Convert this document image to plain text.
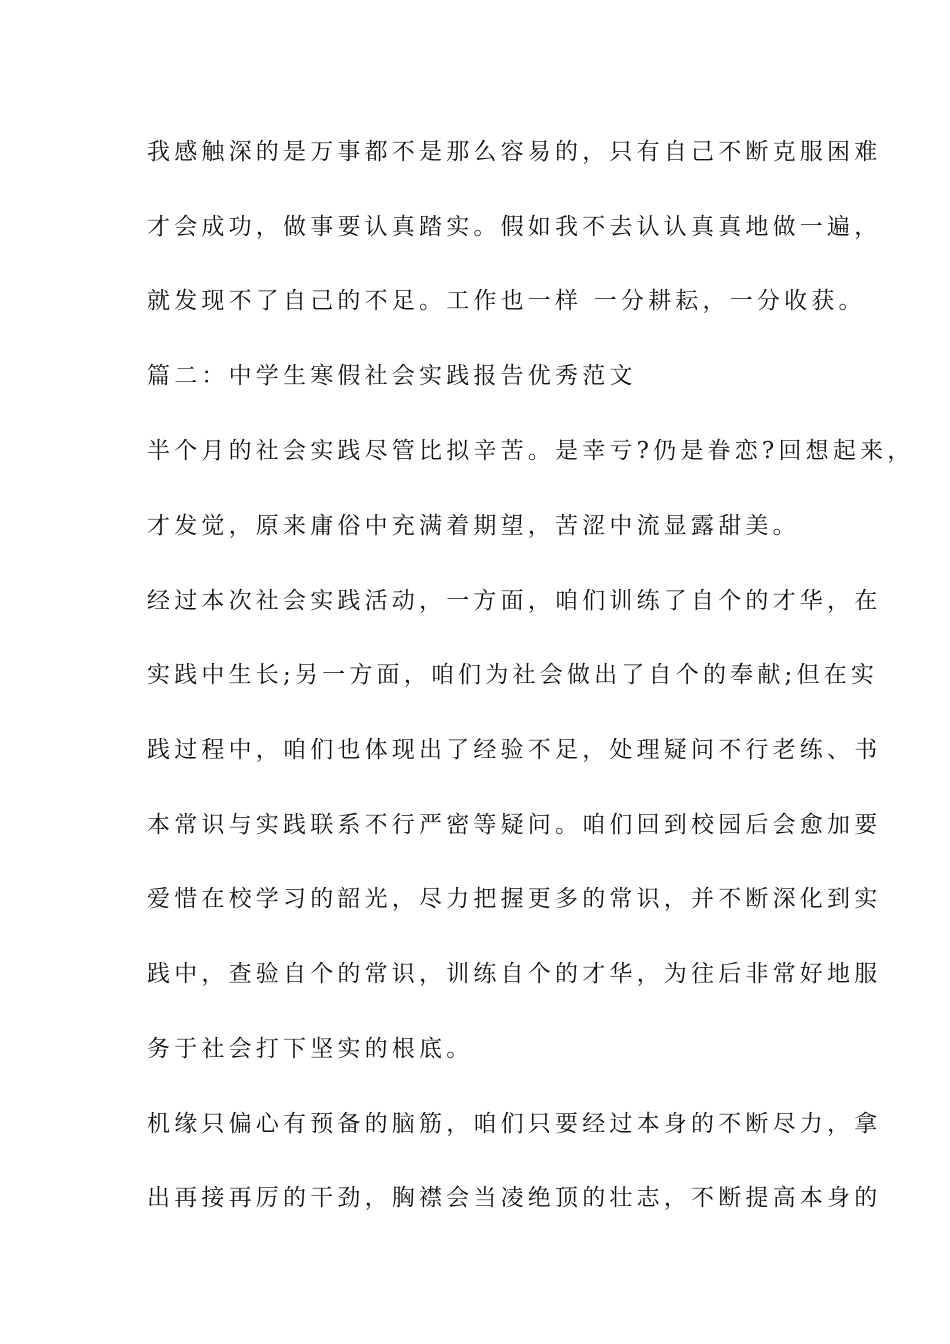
我感触深的是万事都不是那么容易的，只有自己不断克服困难
才会成功，做事要认真踏实。假如我不去认认真真地做一遍，
就发现不了自己的不足。工作也一样 一分耕耘，一分收获。
篇二：中学生寒假社会实践报告优秀范文
半个月的社会实践尽管比拟辛苦。是幸亏?仍是眷恋?回想起来，
才发觉，原来庸俗中充满着期望，苦涩中流显露甜美。
经过本次社会实践活动，一方面，咱们训练了自个的才华，在
实践中生长;另一方面，咱们为社会做出了自个的奉献;但在实
践过程中，咱们也体现出了经验不足，处理疑问不行老练、书
本常识与实践联系不行严密等疑问。咱们回到校园后会愈加要
爱惜在校学习的韶光，尽力把握更多的常识，并不断深化到实
践中，查验自个的常识，训练自个的才华，为往后非常好地服
务于社会打下坚实的根底。
机缘只偏心有预备的脑筋，咱们只要经过本身的不断尽力，拿
出再接再厉的干劲，胸襟会当凌绝顶的壮志，不断提高本身的
